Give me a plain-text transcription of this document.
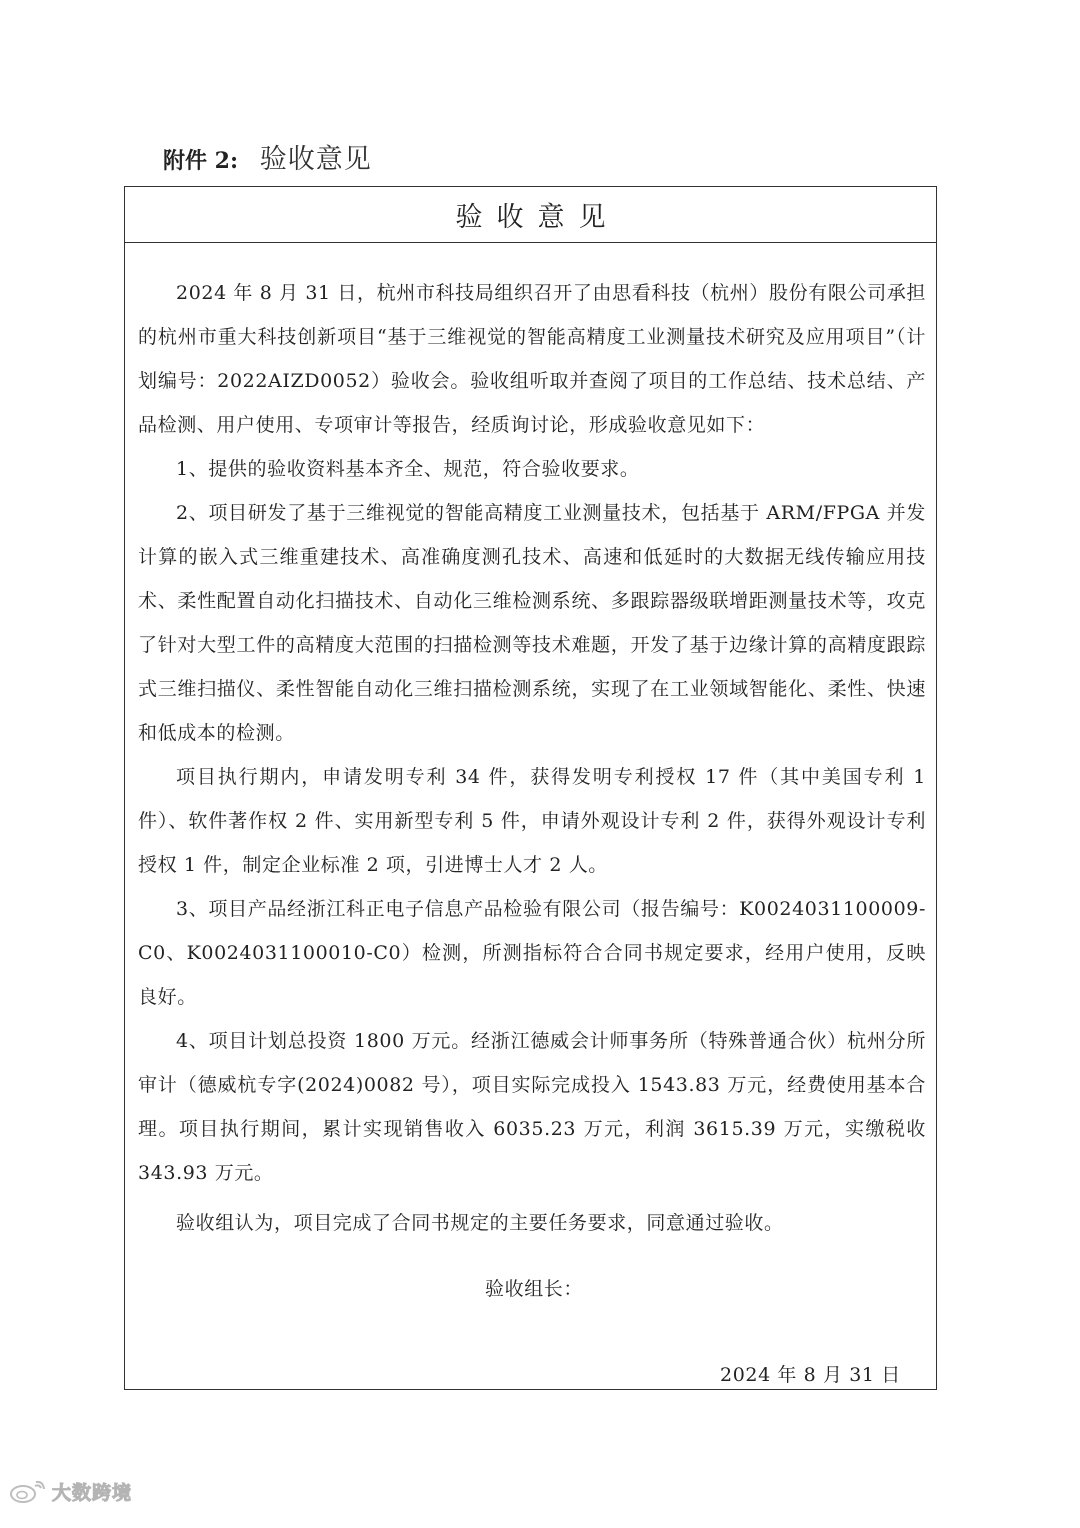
附件 2: 验收意见
验收意见

2024 年 8 月 31 日，杭州市科技局组织召开了由思看科技（杭州）股份有限公司承担的杭州市重大科技创新项目“基于三维视觉的智能高精度工业测量技术研究及应用项目”（计划编号：2022AIZD0052）验收会。验收组听取并查阅了项目的工作总结、技术总结、产品检测、用户使用、专项审计等报告，经质询讨论，形成验收意见如下：

1、提供的验收资料基本齐全、规范，符合验收要求。

2、项目研发了基于三维视觉的智能高精度工业测量技术，包括基于 ARM/FPGA 并发计算的嵌入式三维重建技术、高准确度测孔技术、高速和低延时的大数据无线传输应用技术、柔性配置自动化扫描技术、自动化三维检测系统、多跟踪器级联增距测量技术等，攻克了针对大型工件的高精度大范围的扫描检测等技术难题，开发了基于边缘计算的高精度跟踪式三维扫描仪、柔性智能自动化三维扫描检测系统，实现了在工业领域智能化、柔性、快速和低成本的检测。

项目执行期内，申请发明专利 34 件，获得发明专利授权 17 件（其中美国专利 1 件）、软件著作权 2 件、实用新型专利 5 件，申请外观设计专利 2 件，获得外观设计专利授权 1 件，制定企业标准 2 项，引进博士人才 2 人。

3、项目产品经浙江科正电子信息产品检验有限公司（报告编号：K0024031100009-C0、K0024031100010-C0）检测，所测指标符合合同书规定要求，经用户使用，反映良好。

4、项目计划总投资 1800 万元。经浙江德威会计师事务所（特殊普通合伙）杭州分所审计（德威杭专字(2024)0082 号），项目实际完成投入 1543.83 万元，经费使用基本合理。项目执行期间，累计实现销售收入 6035.23 万元，利润 3615.39 万元，实缴税收 343.93 万元。

验收组认为，项目完成了合同书规定的主要任务要求，同意通过验收。

验收组长：
2024 年 8 月 31 日
大数跨境
